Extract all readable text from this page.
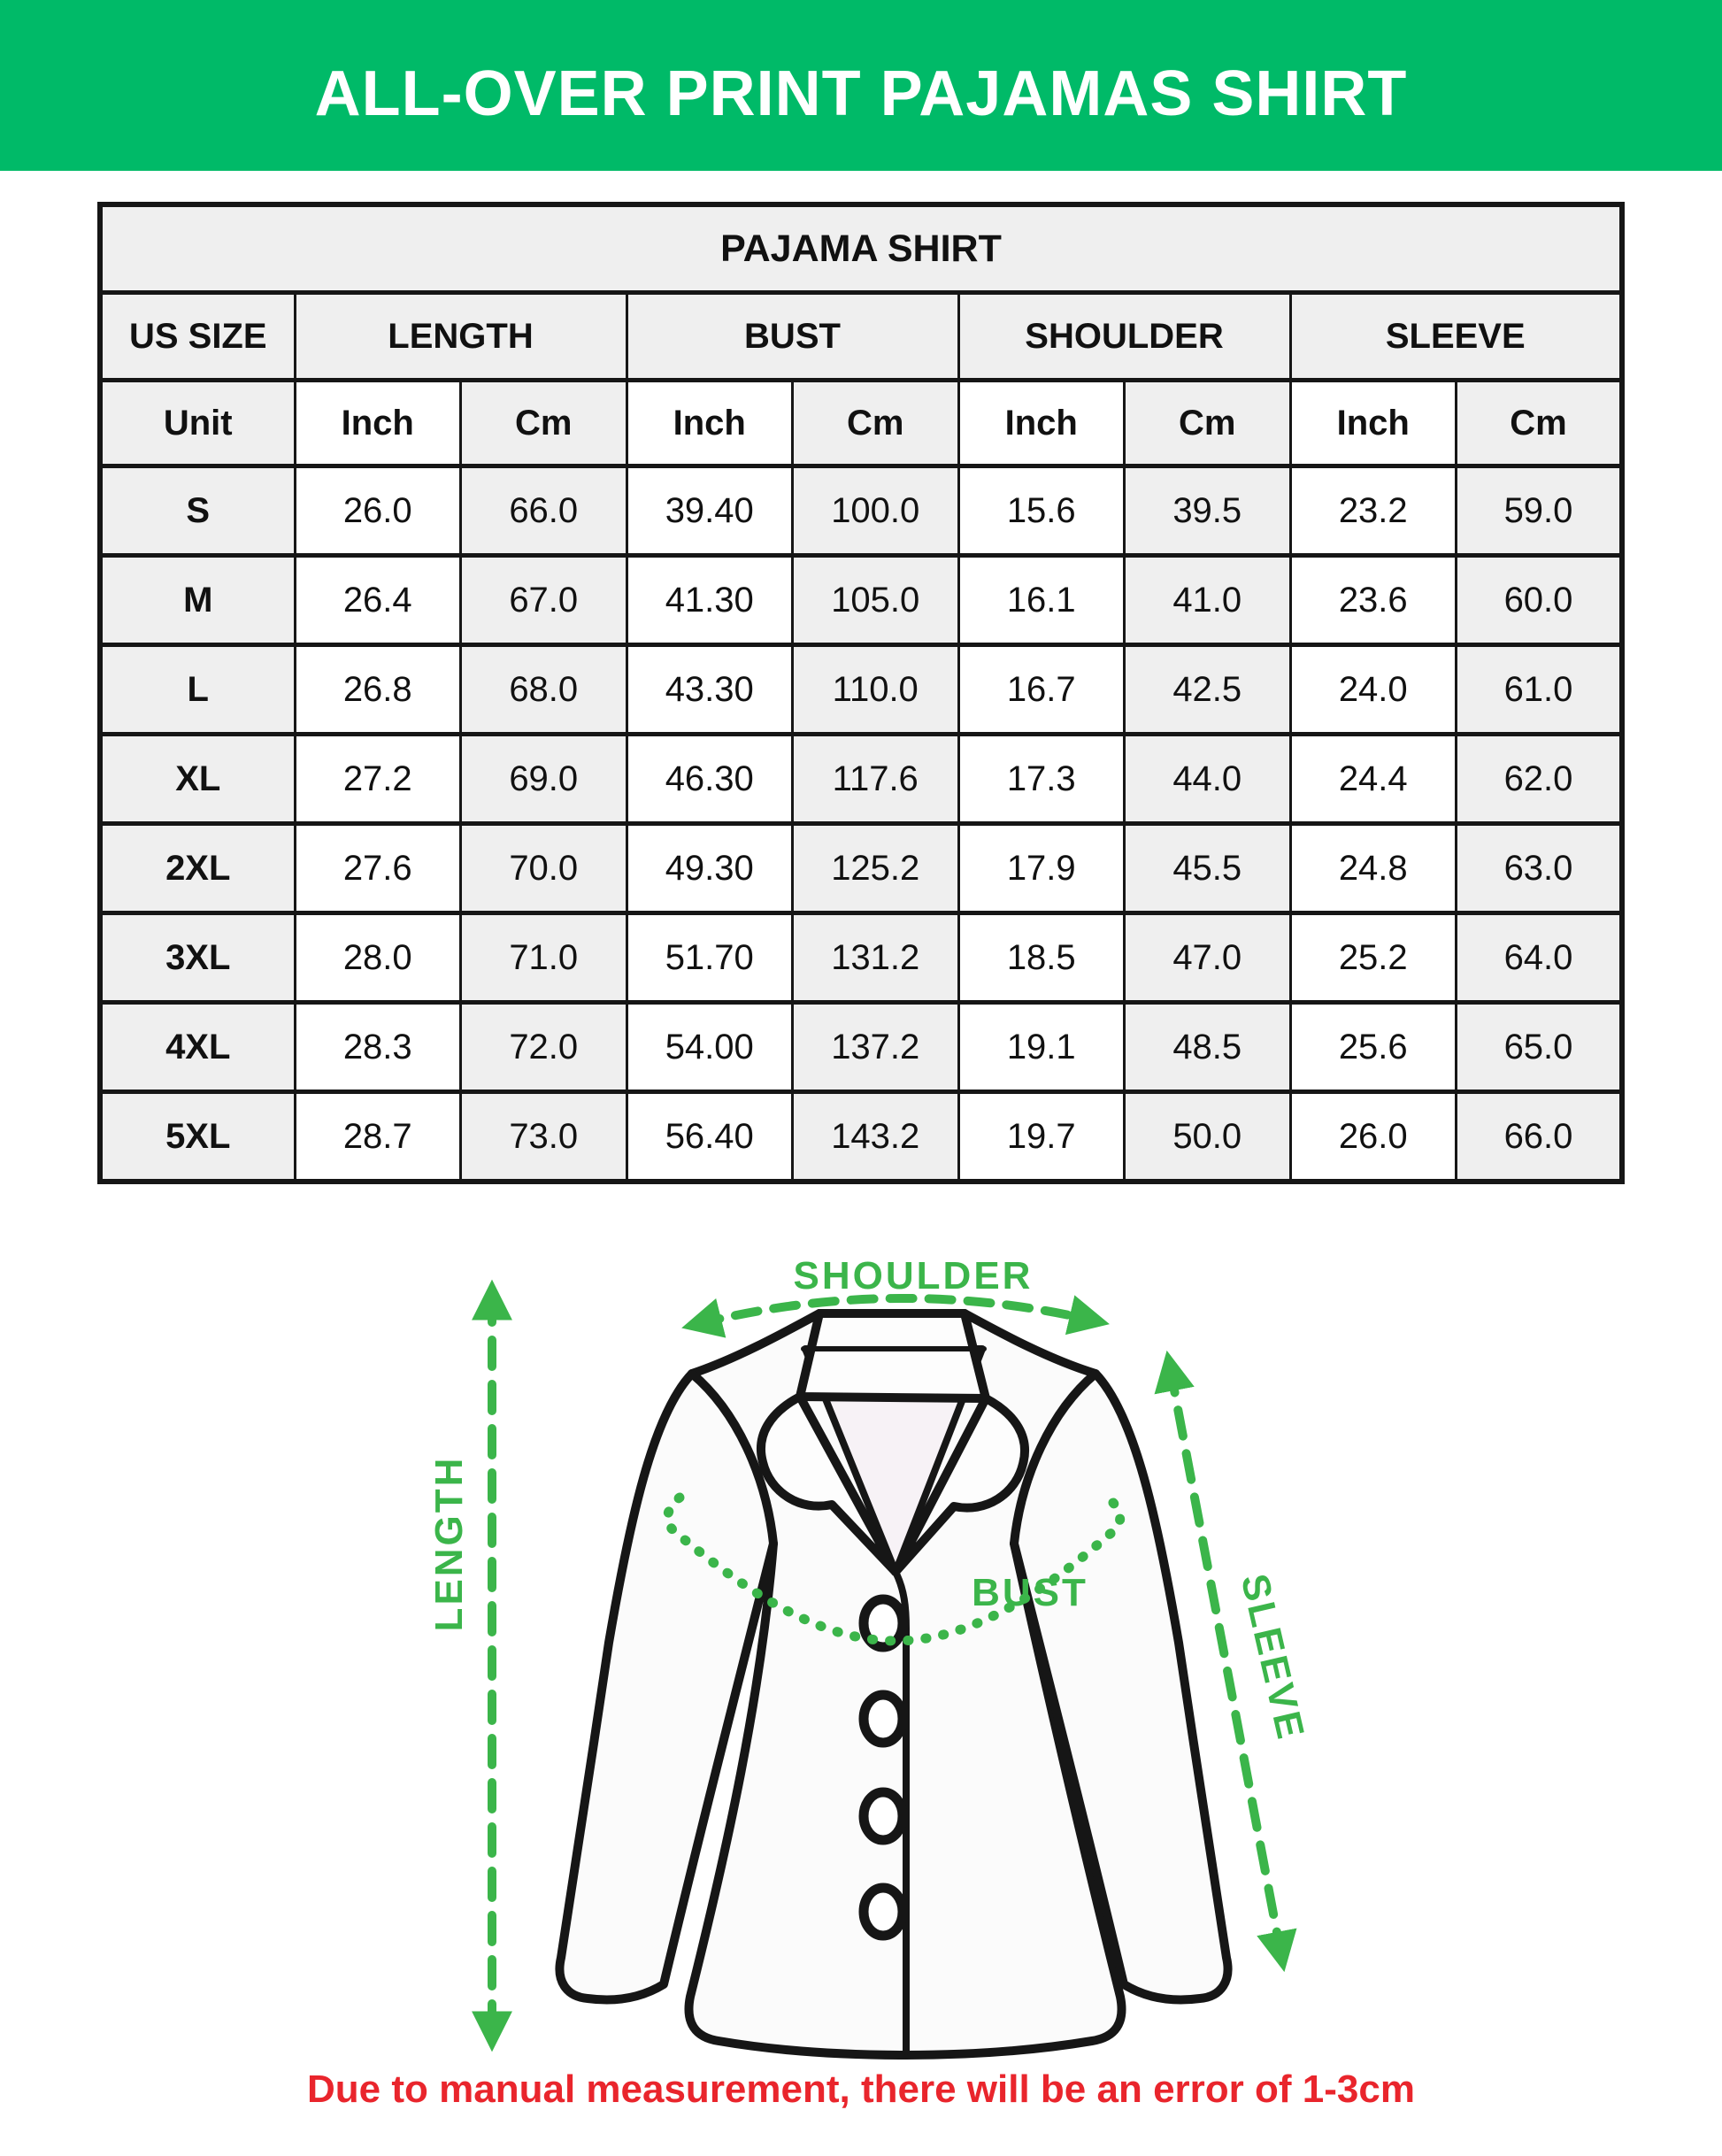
ALL-OVER PRINT PAJAMAS SHIRT
PAJAMA SHIRT								
US SIZE	LENGTH		BUST		SHOULDER		SLEEVE	
Unit	Inch	Cm	Inch	Cm	Inch	Cm	Inch	Cm
S	26.0	66.0	39.40	100.0	15.6	39.5	23.2	59.0
M	26.4	67.0	41.30	105.0	16.1	41.0	23.6	60.0
L	26.8	68.0	43.30	110.0	16.7	42.5	24.0	61.0
XL	27.2	69.0	46.30	117.6	17.3	44.0	24.4	62.0
2XL	27.6	70.0	49.30	125.2	17.9	45.5	24.8	63.0
3XL	28.0	71.0	51.70	131.2	18.5	47.0	25.2	64.0
4XL	28.3	72.0	54.00	137.2	19.1	48.5	25.6	65.0
5XL	28.7	73.0	56.40	143.2	19.7	50.0	26.0	66.0
SHOULDER
LENGTH	BUST	SLEEVE
Due to manual measurement, there will be an error of 1-3cm
